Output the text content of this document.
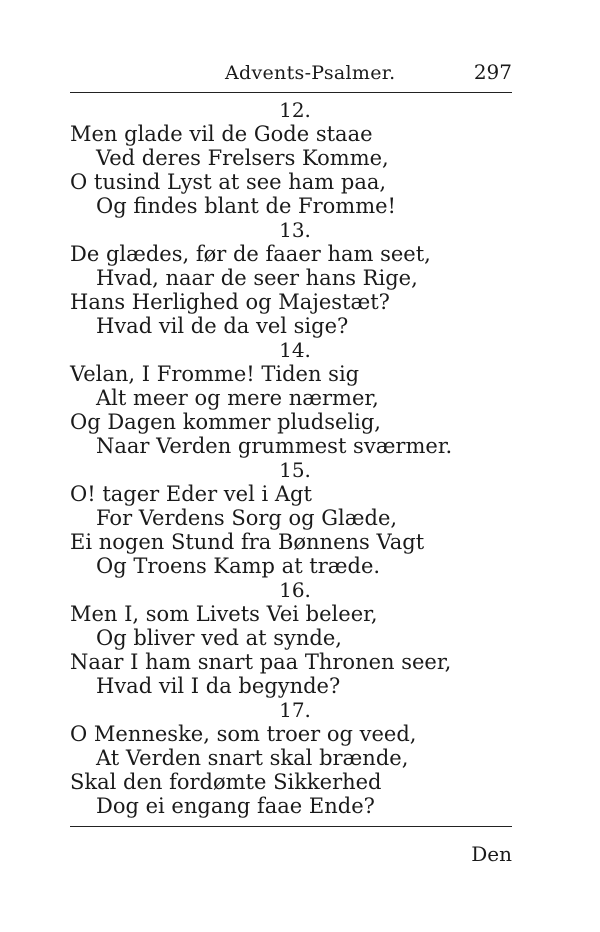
Advents-Psalmer.	297
12.
Men glade vil de Gode staae
Ved deres Frelsers Komme,
O tusind Lyst at see ham paa,
Og findes blant de Fromme!
13.
De glædes, før de faaer ham seet,
Hvad, naar de seer hans Rige,
Hans Herlighed og Majestæt?
Hvad vil de da vel sige?
14.
Velan, I Fromme! Tiden sig
Alt meer og mere nærmer,
Og Dagen kommer pludselig,
Naar Verden grummest sværmer.
15.
O! tager Eder vel i Agt
For Verdens Sorg og Glæde,
Ei nogen Stund fra Bønnens Vagt
Og Troens Kamp at træde.
16.
Men I, som Livets Vei beleer,
Og bliver ved at synde,
Naar I ham snart paa Thronen seer,
Hvad vil I da begynde?
17.
O Menneske, som troer og veed,
At Verden snart skal brænde,
Skal den fordømte Sikkerhed
Dog ei engang faae Ende?
Den
